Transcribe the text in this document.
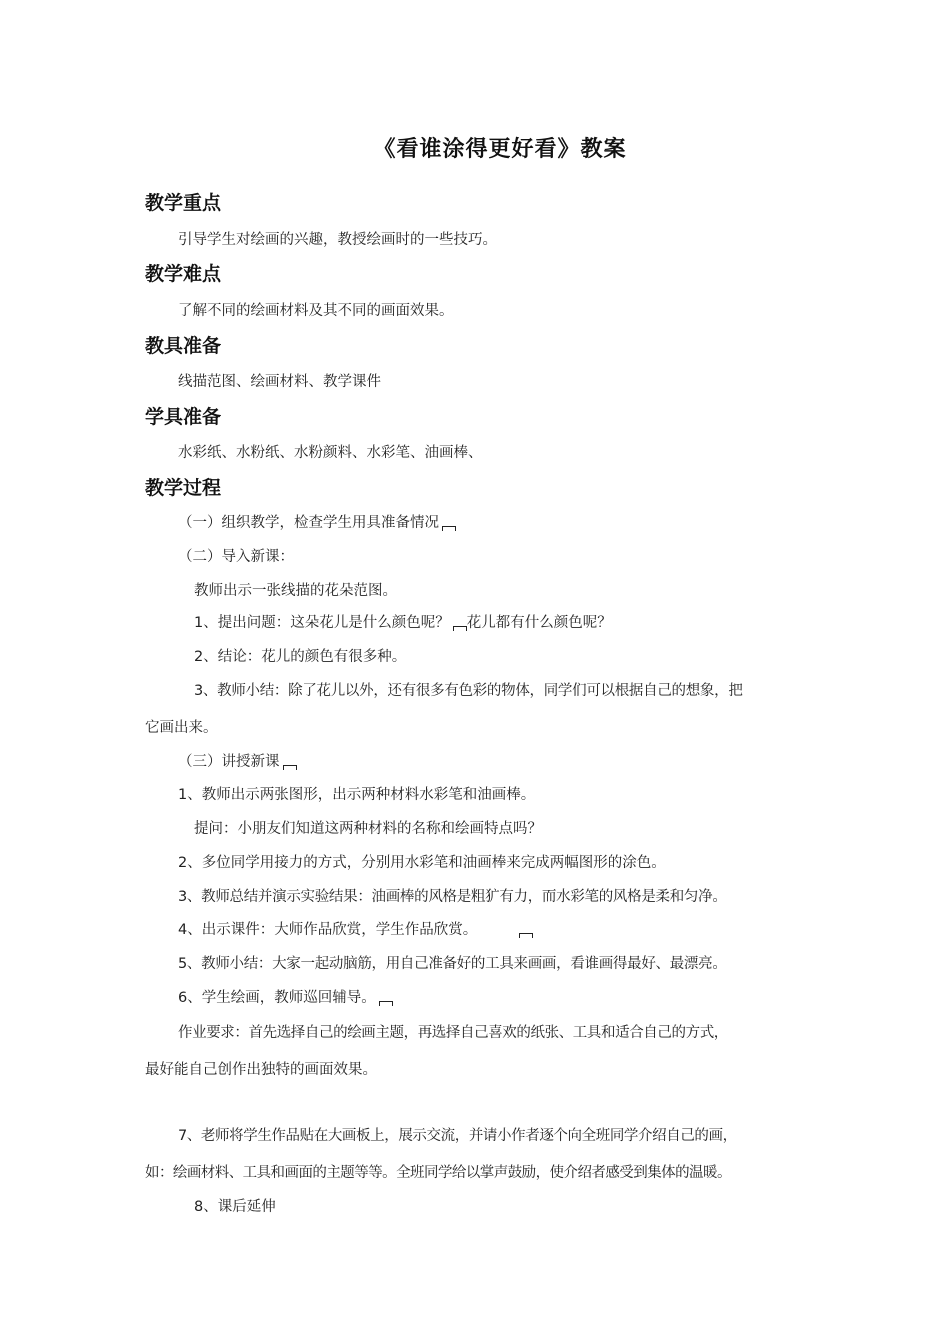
《看谁涂得更好看》教案
教学重点
引导学生对绘画的兴趣，教授绘画时的一些技巧。
教学难点
了解不同的绘画材料及其不同的画面效果。
教具准备
线描范图、绘画材料、教学课件
学具准备
水彩纸、水粉纸、水粉颜料、水彩笔、油画棒、
教学过程
（一）组织教学，检查学生用具准备情况
（二）导入新课：
教师出示一张线描的花朵范图。
1、提出问题：这朵花儿是什么颜色呢？ 花儿都有什么颜色呢？
2、结论：花儿的颜色有很多种。
3、教师小结：除了花儿以外，还有很多有色彩的物体，同学们可以根据自己的想象，把
它画出来。
（三）讲授新课
1、教师出示两张图形，出示两种材料水彩笔和油画棒。
提问：小朋友们知道这两种材料的名称和绘画特点吗？
2、多位同学用接力的方式，分别用水彩笔和油画棒来完成两幅图形的涂色。
3、教师总结并演示实验结果：油画棒的风格是粗犷有力，而水彩笔的风格是柔和匀净。
4、出示课件：大师作品欣赏，学生作品欣赏。
5、教师小结：大家一起动脑筋，用自己准备好的工具来画画，看谁画得最好、最漂亮。
6、学生绘画，教师巡回辅导。
作业要求：首先选择自己的绘画主题，再选择自己喜欢的纸张、工具和适合自己的方式，
最好能自己创作出独特的画面效果。
7、老师将学生作品贴在大画板上，展示交流，并请小作者逐个向全班同学介绍自己的画，
如：绘画材料、工具和画面的主题等等。全班同学给以掌声鼓励，使介绍者感受到集体的温暖。
8、课后延伸
